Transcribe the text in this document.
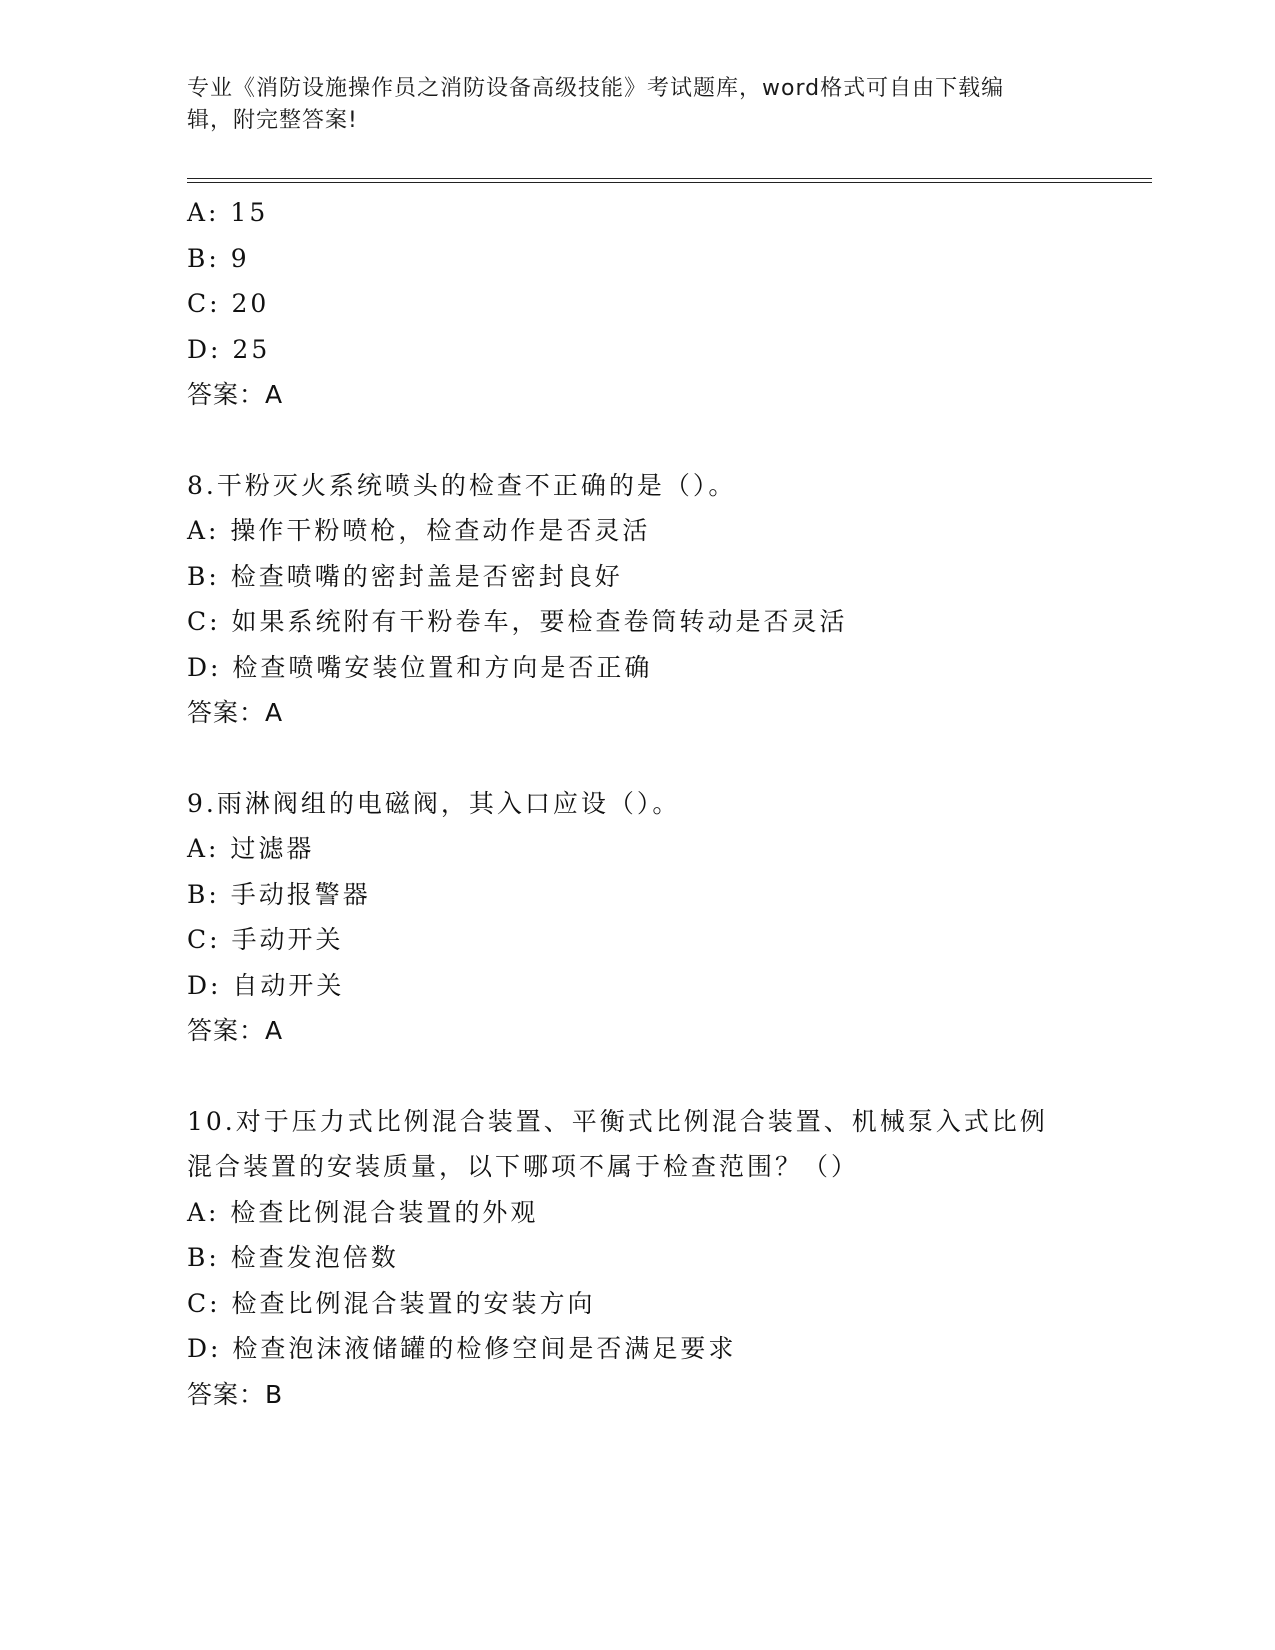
专业《消防设施操作员之消防设备高级技能》考试题库，word格式可自由下载编
辑，附完整答案!
A: 15
B: 9
C: 20
D: 25
答案：A
8.干粉灭火系统喷头的检查不正确的是（）。
A: 操作干粉喷枪，检查动作是否灵活
B: 检查喷嘴的密封盖是否密封良好
C: 如果系统附有干粉卷车，要检查卷筒转动是否灵活
D: 检查喷嘴安装位置和方向是否正确
答案：A
9.雨淋阀组的电磁阀，其入口应设（）。
A: 过滤器
B: 手动报警器
C: 手动开关
D: 自动开关
答案：A
10.对于压力式比例混合装置、平衡式比例混合装置、机械泵入式比例
混合装置的安装质量，以下哪项不属于检查范围？（）
A: 检查比例混合装置的外观
B: 检查发泡倍数
C: 检查比例混合装置的安装方向
D: 检查泡沫液储罐的检修空间是否满足要求
答案：B
